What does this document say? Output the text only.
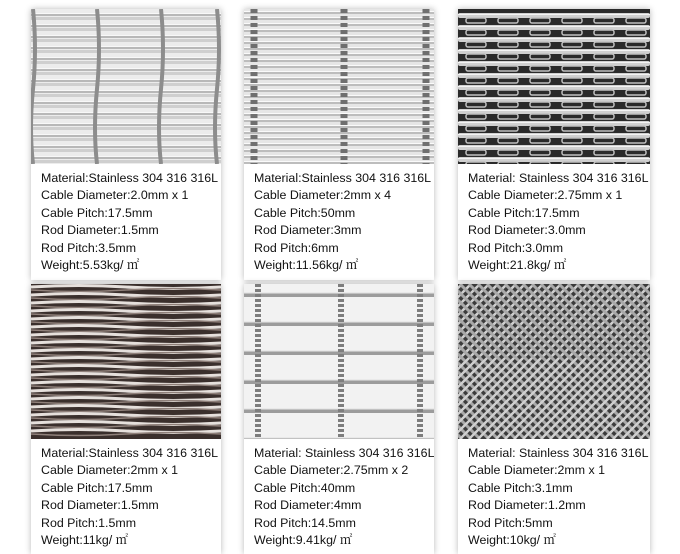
Material:Stainless 304 316 316L
Cable Diameter:2.0mm x 1
Cable Pitch:17.5mm
Rod Diameter:1.5mm
Rod Pitch:3.5mm
Weight:5.53kg/ ㎡
Material:Stainless 304 316 316L
Cable Diameter:2mm x 4
Cable Pitch:50mm
Rod Diameter:3mm
Rod Pitch:6mm
Weight:11.56kg/ ㎡
Material: Stainless 304 316 316L
Cable Diameter:2.75mm x 1
Cable Pitch:17.5mm
Rod Diameter:3.0mm
Rod Pitch:3.0mm
Weight:21.8kg/ ㎡
Material:Stainless 304 316 316L
Cable Diameter:2mm x 1
Cable Pitch:17.5mm
Rod Diameter:1.5mm
Rod Pitch:1.5mm
Weight:11kg/ ㎡
Material: Stainless 304 316 316L
Cable Diameter:2.75mm x 2
Cable Pitch:40mm
Rod Diameter:4mm
Rod Pitch:14.5mm
Weight:9.41kg/ ㎡
Material: Stainless 304 316 316L
Cable Diameter:2mm x 1
Cable Pitch:3.1mm
Rod Diameter:1.2mm
Rod Pitch:5mm
Weight:10kg/ ㎡
